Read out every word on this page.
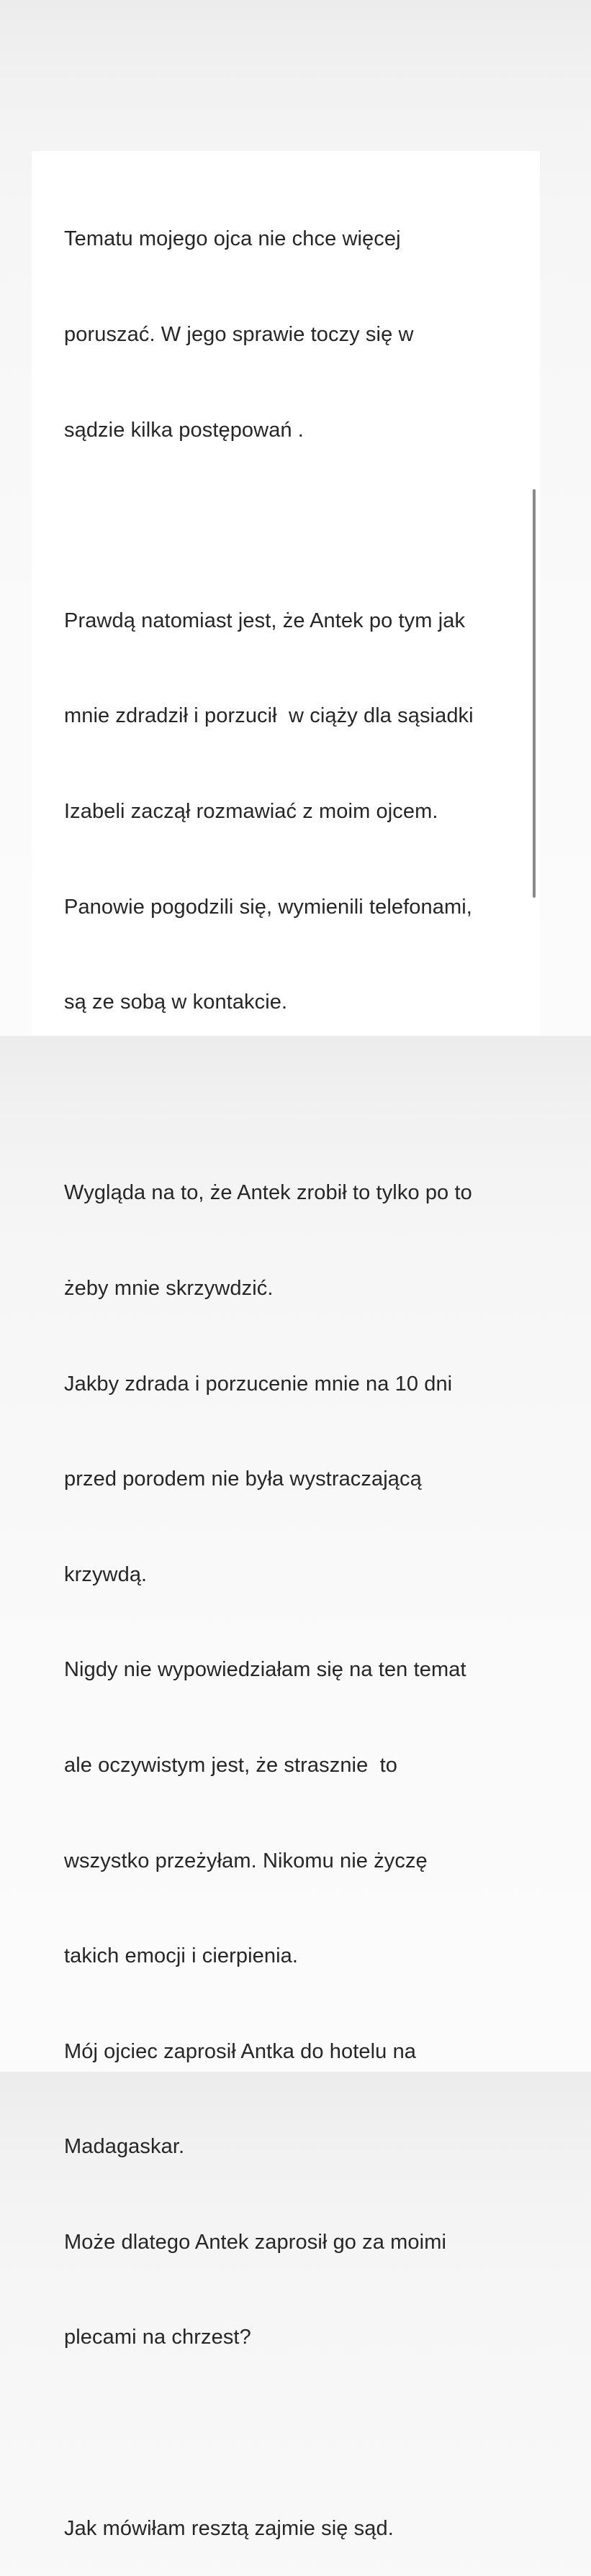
Tematu mojego ojca nie chce więcej

poruszać. W jego sprawie toczy się w

sądzie kilka postępowań .

Prawdą natomiast jest, że Antek po tym jak

mnie zdradził i porzucił  w ciąży dla sąsiadki

Izabeli zaczął rozmawiać z moim ojcem.

Panowie pogodzili się, wymienili telefonami,

są ze sobą w kontakcie.

Wygląda na to, że Antek zrobił to tylko po to

żeby mnie skrzywdzić.

Jakby zdrada i porzucenie mnie na 10 dni

przed porodem nie była wystraczającą

krzywdą.

Nigdy nie wypowiedziałam się na ten temat

ale oczywistym jest, że strasznie  to

wszystko przeżyłam. Nikomu nie życzę

takich emocji i cierpienia.

Mój ojciec zaprosił Antka do hotelu na

Madagaskar.

Może dlatego Antek zaprosił go za moimi

plecami na chrzest?

Jak mówiłam resztą zajmie się sąd.
